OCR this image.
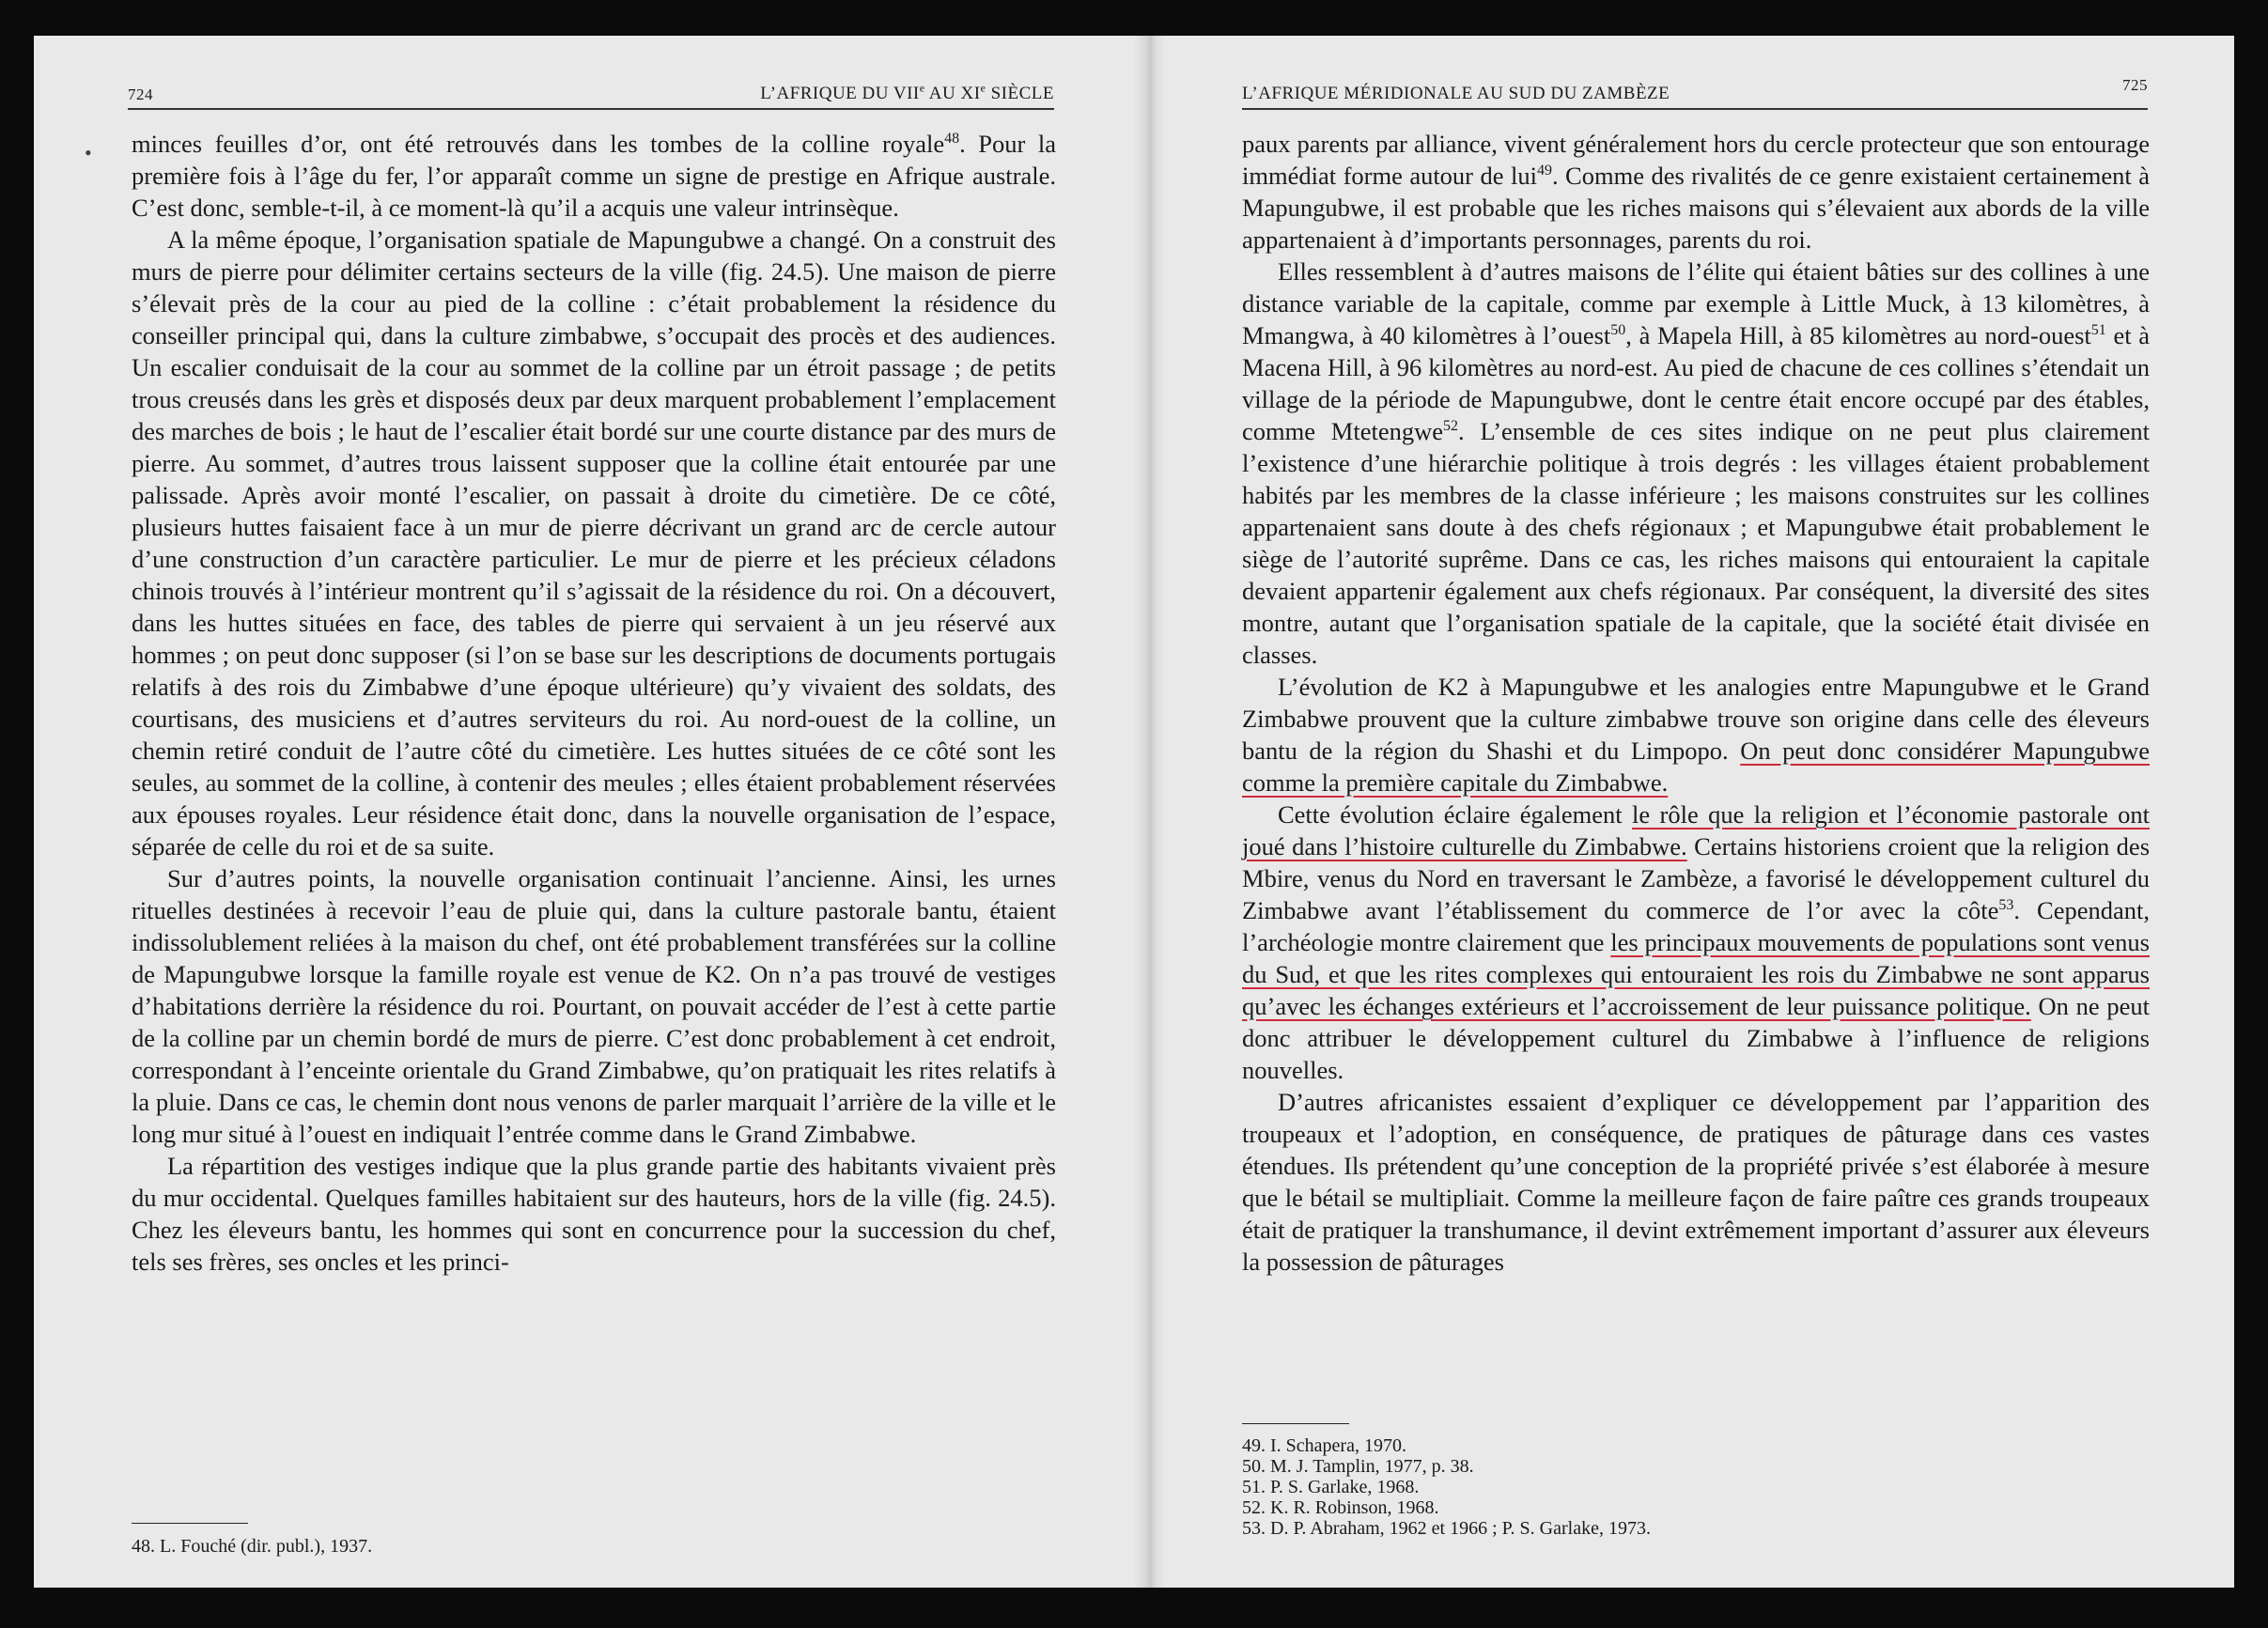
724	L’AFRIQUE DU VIIe AU XIe SIÈCLE

minces feuilles d’or, ont été retrouvés dans les tombes de la colline royale$^{48}$. Pour la première fois à l’âge du fer, l’or apparaît comme un signe de prestige en Afrique australe. C’est donc, semble-t-il, à ce moment-là qu’il a acquis une valeur intrinsèque.

A la même époque, l’organisation spatiale de Mapungubwe a changé. On a construit des murs de pierre pour délimiter certains secteurs de la ville (fig. 24.5). Une maison de pierre s’élevait près de la cour au pied de la colline : c’était probablement la résidence du conseiller principal qui, dans la culture zimbabwe, s’occupait des procès et des audiences. Un escalier conduisait de la cour au sommet de la colline par un étroit passage ; de petits trous creusés dans les grès et disposés deux par deux marquent probablement l’emplacement des marches de bois ; le haut de l’escalier était bordé sur une courte distance par des murs de pierre. Au sommet, d’autres trous laissent supposer que la colline était entourée par une palissade. Après avoir monté l’escalier, on passait à droite du cimetière. De ce côté, plusieurs huttes faisaient face à un mur de pierre décrivant un grand arc de cercle autour d’une construction d’un caractère particulier. Le mur de pierre et les précieux céladons chinois trouvés à l’intérieur montrent qu’il s’agissait de la résidence du roi. On a découvert, dans les huttes situées en face, des tables de pierre qui servaient à un jeu réservé aux hommes ; on peut donc supposer (si l’on se base sur les descriptions de documents portugais relatifs à des rois du Zimbabwe d’une époque ultérieure) qu’y vivaient des soldats, des courtisans, des musiciens et d’autres serviteurs du roi. Au nord-ouest de la colline, un chemin retiré conduit de l’autre côté du cimetière. Les huttes situées de ce côté sont les seules, au sommet de la colline, à contenir des meules ; elles étaient probablement réservées aux épouses royales. Leur résidence était donc, dans la nouvelle organisation de l’espace, séparée de celle du roi et de sa suite.

Sur d’autres points, la nouvelle organisation continuait l’ancienne. Ainsi, les urnes rituelles destinées à recevoir l’eau de pluie qui, dans la culture pastorale bantu, étaient indissolublement reliées à la maison du chef, ont été probablement transférées sur la colline de Mapungubwe lorsque la famille royale est venue de K2. On n’a pas trouvé de vestiges d’habitations derrière la résidence du roi. Pourtant, on pouvait accéder de l’est à cette partie de la colline par un chemin bordé de murs de pierre. C’est donc probablement à cet endroit, correspondant à l’enceinte orientale du Grand Zimbabwe, qu’on pratiquait les rites relatifs à la pluie. Dans ce cas, le chemin dont nous venons de parler marquait l’arrière de la ville et le long mur situé à l’ouest en indiquait l’entrée comme dans le Grand Zimbabwe.

La répartition des vestiges indique que la plus grande partie des habitants vivaient près du mur occidental. Quelques familles habitaient sur des hauteurs, hors de la ville (fig. 24.5). Chez les éleveurs bantu, les hommes qui sont en concurrence pour la succession du chef, tels ses frères, ses oncles et les princi-

48. L. Fouché (dir. publ.), 1937.
•
L’AFRIQUE MÉRIDIONALE AU SUD DU ZAMBÈZE	725

paux parents par alliance, vivent généralement hors du cercle protecteur que son entourage immédiat forme autour de lui$^{49}$. Comme des rivalités de ce genre existaient certainement à Mapungubwe, il est probable que les riches maisons qui s’élevaient aux abords de la ville appartenaient à d’importants personnages, parents du roi.

Elles ressemblent à d’autres maisons de l’élite qui étaient bâties sur des collines à une distance variable de la capitale, comme par exemple à Little Muck, à 13 kilomètres, à Mmangwa, à 40 kilomètres à l’ouest$^{50}$, à Mapela Hill, à 85 kilomètres au nord-ouest$^{51}$ et à Macena Hill, à 96 kilomètres au nord-est. Au pied de chacune de ces collines s’étendait un village de la période de Mapungubwe, dont le centre était encore occupé par des étables, comme Mtetengwe$^{52}$. L’ensemble de ces sites indique on ne peut plus clairement l’existence d’une hiérarchie politique à trois degrés : les villages étaient probablement habités par les membres de la classe inférieure ; les maisons construites sur les collines appartenaient sans doute à des chefs régionaux ; et Mapungubwe était probablement le siège de l’autorité suprême. Dans ce cas, les riches maisons qui entouraient la capitale devaient appartenir également aux chefs régionaux. Par conséquent, la diversité des sites montre, autant que l’organisation spatiale de la capitale, que la société était divisée en classes.

L’évolution de K2 à Mapungubwe et les analogies entre Mapungubwe et le Grand Zimbabwe prouvent que la culture zimbabwe trouve son origine dans celle des éleveurs bantu de la région du Shashi et du Limpopo. On peut donc considérer Mapungubwe comme la première capitale du Zimbabwe.

Cette évolution éclaire également le rôle que la religion et l’économie pastorale ont joué dans l’histoire culturelle du Zimbabwe. Certains historiens croient que la religion des Mbire, venus du Nord en traversant le Zambèze, a favorisé le développement culturel du Zimbabwe avant l’établissement du commerce de l’or avec la côte$^{53}$. Cependant, l’archéologie montre clairement que les principaux mouvements de populations sont venus du Sud, et que les rites complexes qui entouraient les rois du Zimbabwe ne sont apparus qu’avec les échanges extérieurs et l’accroissement de leur puissance politique. On ne peut donc attribuer le développement culturel du Zimbabwe à l’influence de religions nouvelles.

D’autres africanistes essaient d’expliquer ce développement par l’apparition des troupeaux et l’adoption, en conséquence, de pratiques de pâturage dans ces vastes étendues. Ils prétendent qu’une conception de la propriété privée s’est élaborée à mesure que le bétail se multipliait. Comme la meilleure façon de faire paître ces grands troupeaux était de pratiquer la transhumance, il devint extrêmement important d’assurer aux éleveurs la possession de pâturages

49. I. Schapera, 1970.
50. M. J. Tamplin, 1977, p. 38.
51. P. S. Garlake, 1968.
52. K. R. Robinson, 1968.
53. D. P. Abraham, 1962 et 1966 ; P. S. Garlake, 1973.
